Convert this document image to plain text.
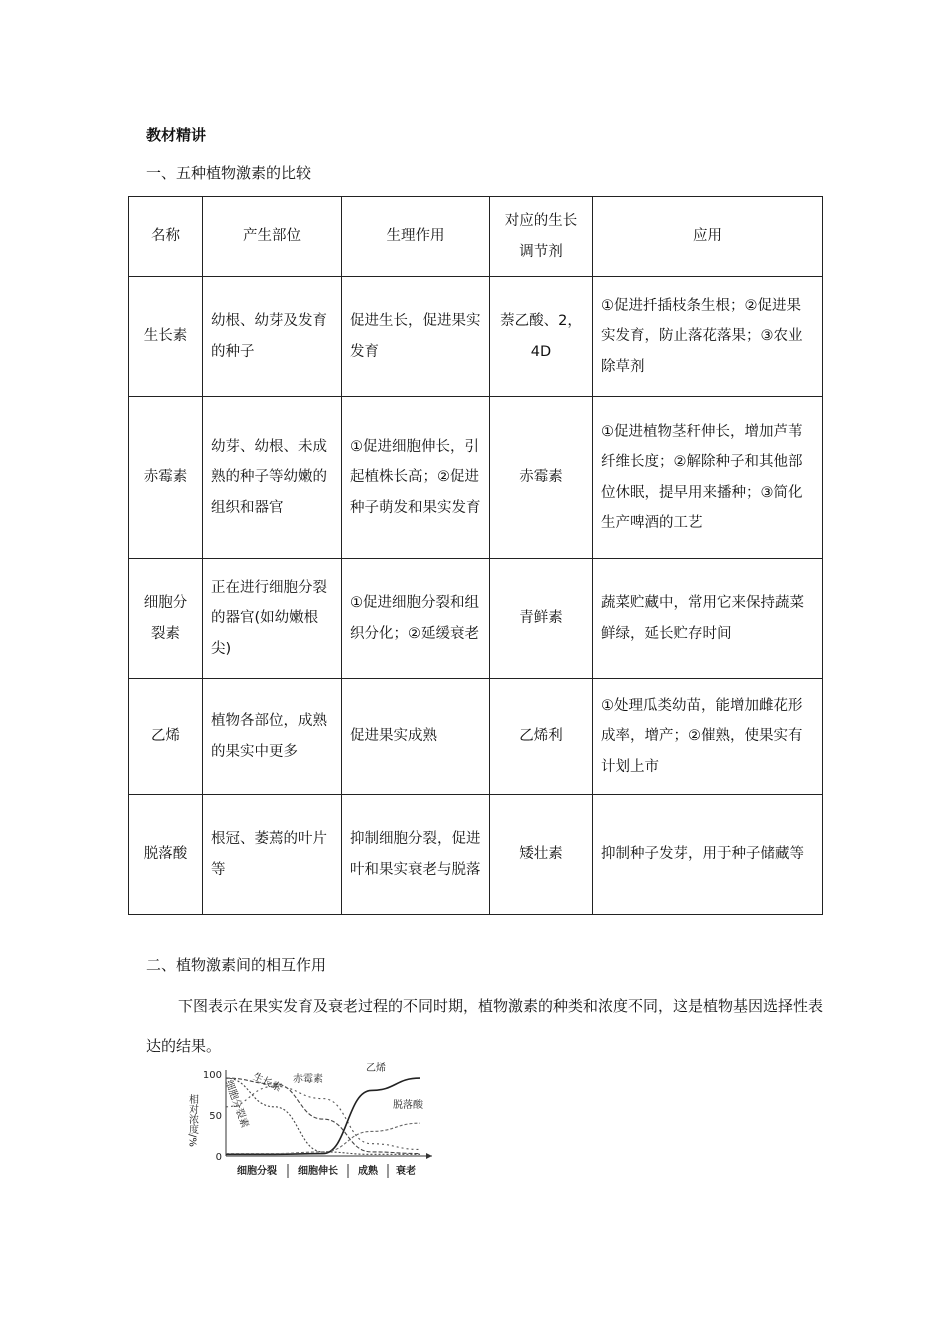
教材精讲
一、五种植物激素的比较
名称	产生部位	生理作用	对应的生长调节剂	应用
生长素	幼根、幼芽及发育的种子	促进生长，促进果实发育	萘乙酸、2，4D	①促进扦插枝条生根；②促进果实发育，防止落花落果；③农业除草剂
赤霉素	幼芽、幼根、未成熟的种子等幼嫩的组织和器官	①促进细胞伸长，引起植株长高；②促进种子萌发和果实发育	赤霉素	①促进植物茎秆伸长，增加芦苇纤维长度；②解除种子和其他部位休眠，提早用来播种；③简化生产啤酒的工艺
细胞分裂素	正在进行细胞分裂的器官(如幼嫩根尖)	①促进细胞分裂和组织分化；②延缓衰老	青鲜素	蔬菜贮藏中，常用它来保持蔬菜鲜绿，延长贮存时间
乙烯	植物各部位，成熟的果实中更多	促进果实成熟	乙烯利	①处理瓜类幼苗，能增加雌花形成率，增产；②催熟，使果实有计划上市
脱落酸	根冠、萎蔫的叶片等	抑制细胞分裂，促进叶和果实衰老与脱落	矮壮素	抑制种子发芽，用于种子储藏等
二、植物激素间的相互作用
下图表示在果实发育及衰老过程的不同时期，植物激素的种类和浓度不同，这是植物基因选择性表达的结果。
100
50
0
相对浓度/%
细胞分裂 细胞伸长 成熟 衰老
细胞分裂素 生长素 赤霉素
乙烯
脱落酸
